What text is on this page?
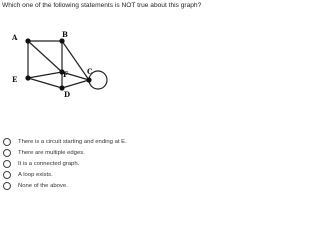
Which one of the following statements is NOT true about this graph?
A	B
C
D
E
F
There is a circuit starting and ending at E.
There are multiple edges.
It is a connected graph.
A loop exists.
None of the above.
